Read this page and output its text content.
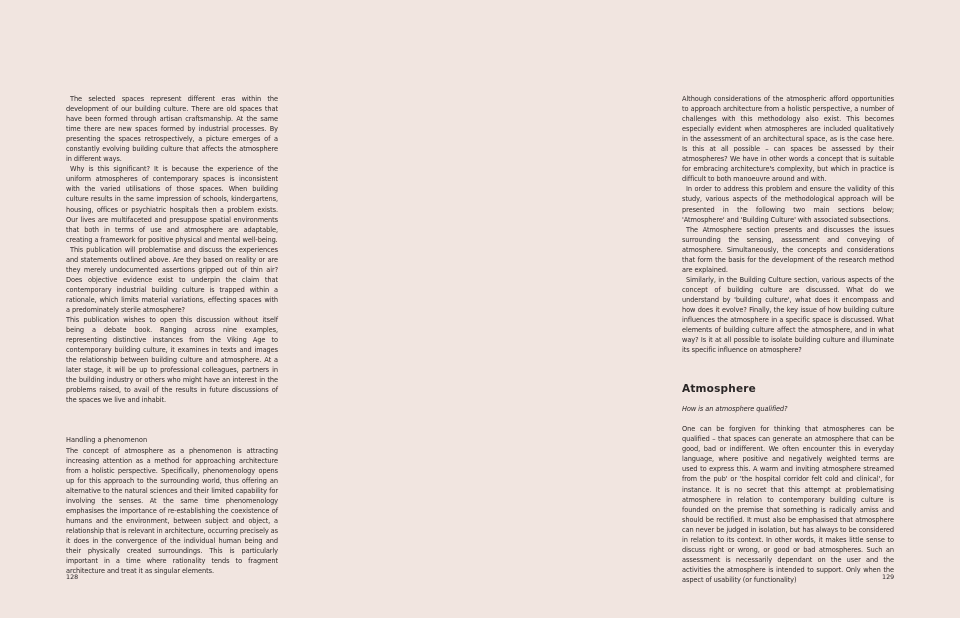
The selected spaces represent different eras within the development of our building culture. There are old spaces that have been formed through artisan craftsmanship. At the same time there are new spaces formed by industrial processes. By presenting the spaces retrospectively, a picture emerges of a constantly evolving building culture that affects the atmosphere in different ways.

Why is this significant? It is because the experience of the uniform atmospheres of contemporary spaces is inconsistent with the varied utilisations of those spaces. When building culture results in the same impression of schools, kindergartens, housing, offices or psychiatric hospitals then a problem exists. Our lives are multifaceted and presuppose spatial environments that both in terms of use and atmosphere are adaptable, creating a framework for positive physical and mental well-being.

This publication will problematise and discuss the experiences and statements outlined above. Are they based on reality or are they merely undocumented assertions gripped out of thin air? Does objective evidence exist to underpin the claim that contemporary industrial building culture is trapped within a rationale, which limits material variations, effecting spaces with a predominately sterile atmosphere?

This publication wishes to open this discussion without itself being a debate book. Ranging across nine examples, representing distinctive instances from the Viking Age to contemporary building culture, it examines in texts and images the relationship between building culture and atmosphere. At a later stage, it will be up to professional colleagues, partners in the building industry or others who might have an interest in the problems raised, to avail of the results in future discussions of the spaces we live and inhabit.

Handling a phenomenon

The concept of atmosphere as a phenomenon is attracting increasing attention as a method for approaching architecture from a holistic perspective. Specifically, phenomenology opens up for this approach to the surrounding world, thus offering an alternative to the natural sciences and their limited capability for involving the senses. At the same time phenomenology emphasises the importance of re-establishing the coexistence of humans and the environment, between subject and object, a relationship that is relevant in architecture, occurring precisely as it does in the convergence of the individual human being and their physically created surroundings. This is particularly important in a time where rationality tends to fragment architecture and treat it as singular elements.

128

Although considerations of the atmospheric afford opportunities to approach architecture from a holistic perspective, a number of challenges with this methodology also exist. This becomes especially evident when atmospheres are included qualitatively in the assessment of an architectural space, as is the case here. Is this at all possible – can spaces be assessed by their atmospheres? We have in other words a concept that is suitable for embracing architecture's complexity, but which in practice is difficult to both manoeuvre around and with.

In order to address this problem and ensure the validity of this study, various aspects of the methodological approach will be presented in the following two main sections below; 'Atmosphere' and 'Building Culture' with associated subsections.

The Atmosphere section presents and discusses the issues surrounding the sensing, assessment and conveying of atmosphere. Simultaneously, the concepts and considerations that form the basis for the development of the research method are explained.

Similarly, in the Building Culture section, various aspects of the concept of building culture are discussed. What do we understand by 'building culture', what does it encompass and how does it evolve? Finally, the key issue of how building culture influences the atmosphere in a specific space is discussed. What elements of building culture affect the atmosphere, and in what way? Is it at all possible to isolate building culture and illuminate its specific influence on atmosphere?

Atmosphere

How is an atmosphere qualified?

One can be forgiven for thinking that atmospheres can be qualified – that spaces can generate an atmosphere that can be good, bad or indifferent. We often encounter this in everyday language, where positive and negatively weighted terms are used to express this. A warm and inviting atmosphere streamed from the pub' or 'the hospital corridor felt cold and clinical', for instance. It is no secret that this attempt at problematising atmosphere in relation to contemporary building culture is founded on the premise that something is radically amiss and should be rectified. It must also be emphasised that atmosphere can never be judged in isolation, but has always to be considered in relation to its context. In other words, it makes little sense to discuss right or wrong, or good or bad atmospheres. Such an assessment is necessarily dependant on the user and the activities the atmosphere is intended to support. Only when the aspect of usability (or functionality)	129
